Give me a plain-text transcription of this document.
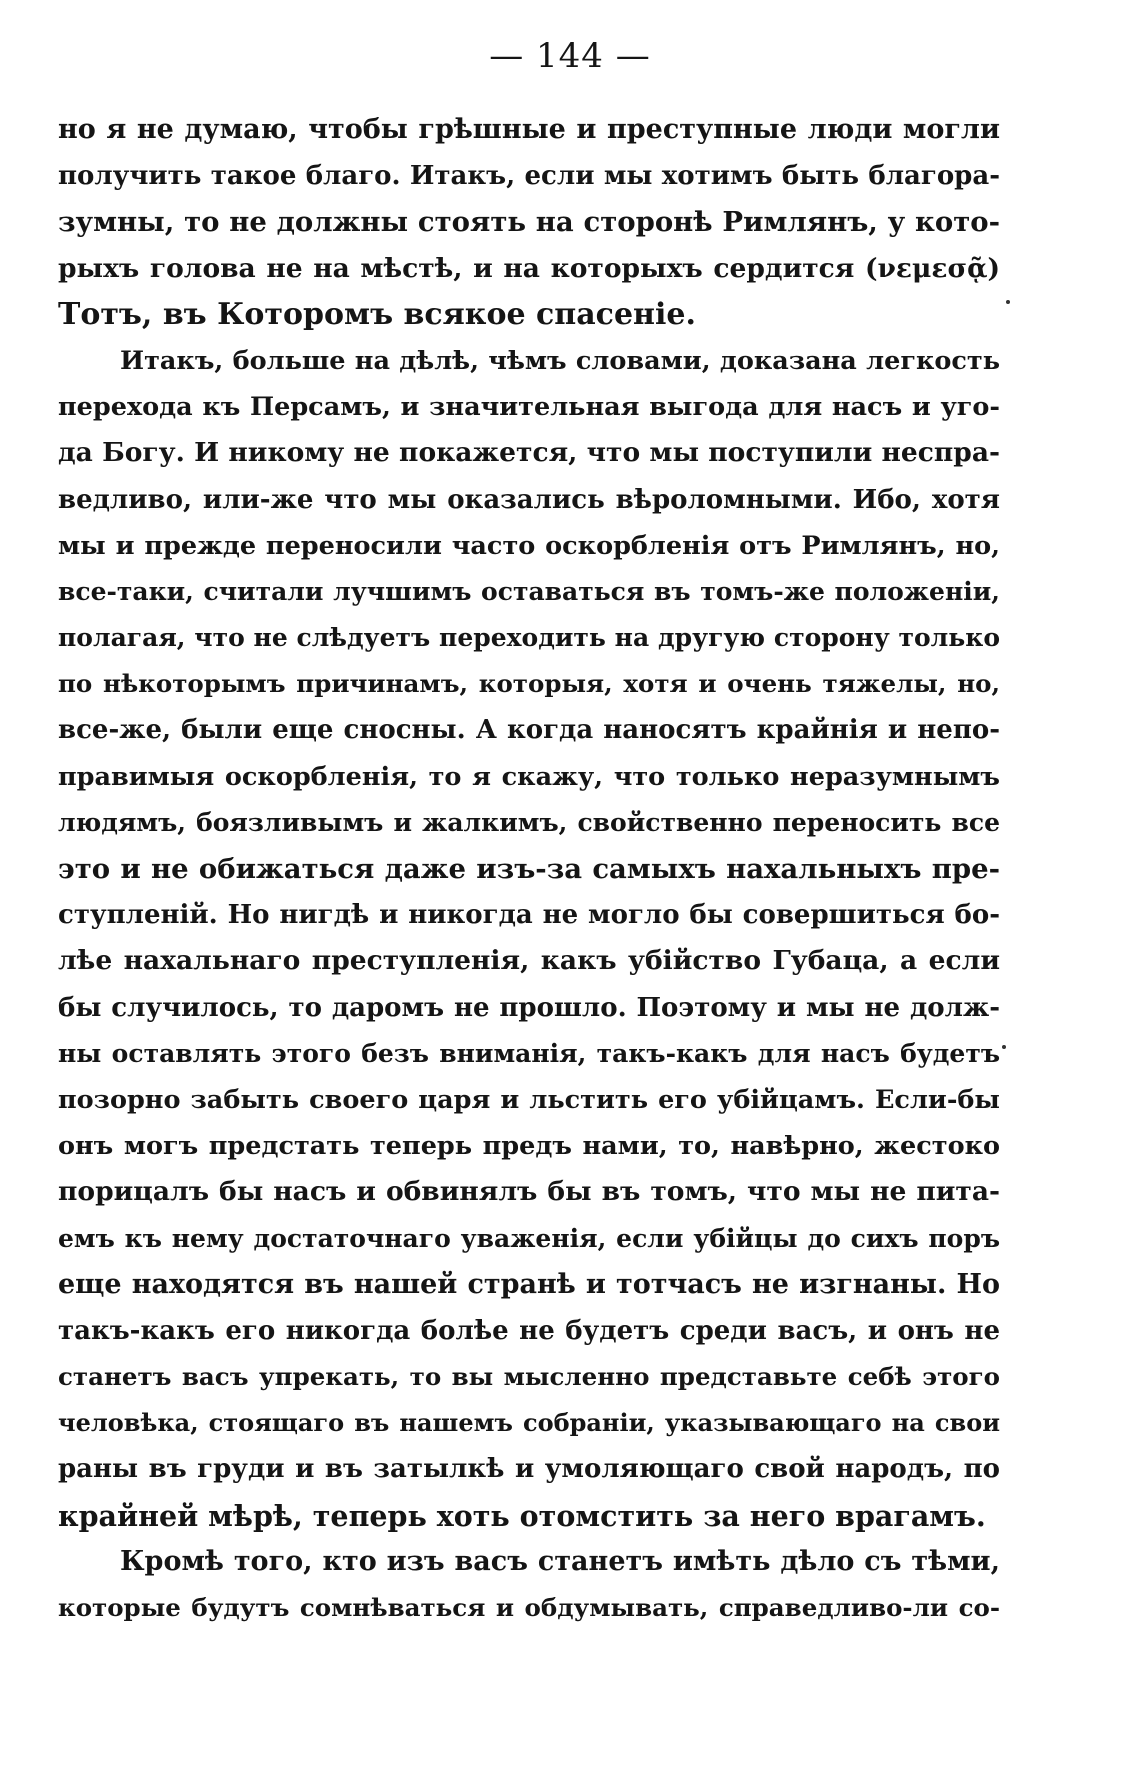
— 144 —
но я не думаю, чтобы грѣшные и преступные люди могли
получить такое благо. Итакъ, если мы хотимъ быть благора-
зумны, то не должны стоять на сторонѣ Римлянъ, у кото-
рыхъ голова не на мѣстѣ, и на которыхъ сердится (νεμεσᾷ)
Тотъ, въ Которомъ всякое спасеніе.
Итакъ, больше на дѣлѣ, чѣмъ словами, доказана легкость
перехода къ Персамъ, и значительная выгода для насъ и уго-
да Богу. И никому не покажется, что мы поступили неспра-
ведливо, или-же что мы оказались вѣроломными. Ибо, хотя
мы и прежде переносили часто оскорбленія отъ Римлянъ, но,
все-таки, считали лучшимъ оставаться въ томъ-же положеніи,
полагая, что не слѣдуетъ переходить на другую сторону только
по нѣкоторымъ причинамъ, которыя, хотя и очень тяжелы, но,
все-же, были еще сносны. А когда наносятъ крайнія и непо-
правимыя оскорбленія, то я скажу, что только неразумнымъ
людямъ, боязливымъ и жалкимъ, свойственно переносить все
это и не обижаться даже изъ-за самыхъ нахальныхъ пре-
ступленій. Но нигдѣ и никогда не могло бы совершиться бо-
лѣе нахальнаго преступленія, какъ убійство Губаца, а если
бы случилось, то даромъ не прошло. Поэтому и мы не долж-
ны оставлять этого безъ вниманія, такъ-какъ для насъ будетъ
позорно забыть своего царя и льстить его убійцамъ. Если-бы
онъ могъ предстать теперь предъ нами, то, навѣрно, жестоко
порицалъ бы насъ и обвинялъ бы въ томъ, что мы не пита-
емъ къ нему достаточнаго уваженія, если убійцы до сихъ поръ
еще находятся въ нашей странѣ и тотчасъ не изгнаны. Но
такъ-какъ его никогда болѣе не будетъ среди васъ, и онъ не
станетъ васъ упрекать, то вы мысленно представьте себѣ этого
человѣка, стоящаго въ нашемъ собраніи, указывающаго на свои
раны въ груди и въ затылкѣ и умоляющаго свой народъ, по
крайней мѣрѣ, теперь хоть отомстить за него врагамъ.
Кромѣ того, кто изъ васъ станетъ имѣть дѣло съ тѣми,
которые будутъ сомнѣваться и обдумывать, справедливо-ли со-
